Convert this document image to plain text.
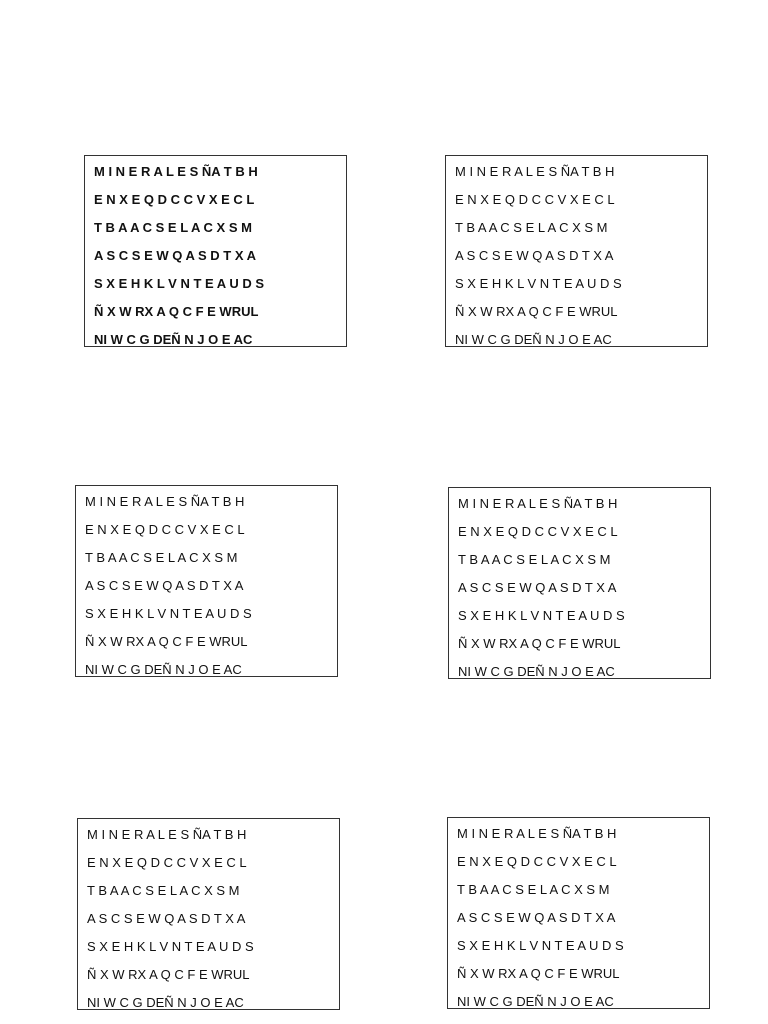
M I N E R A L E S ÑA T B H
E N X E Q D C C V X E C L
T B A A C S E L A C X S M
A S C S E W Q A S D T X A
S X E H K L V N T E A U D S
Ñ X W RX A Q C F E WRUL
NI W C G DEÑ N J O E AC
M I N E R A L E S ÑA T B H
E N X E Q D C C V X E C L
T B A A C S E L A C X S M
A S C S E W Q A S D T X A
S X E H K L V N T E A U D S
Ñ X W RX A Q C F E WRUL
NI W C G DEÑ N J O E AC
M I N E R A L E S ÑA T B H
E N X E Q D C C V X E C L
T B A A C S E L A C X S M
A S C S E W Q A S D T X A
S X E H K L V N T E A U D S
Ñ X W RX A Q C F E WRUL
NI W C G DEÑ N J O E AC
M I N E R A L E S ÑA T B H
E N X E Q D C C V X E C L
T B A A C S E L A C X S M
A S C S E W Q A S D T X A
S X E H K L V N T E A U D S
Ñ X W RX A Q C F E WRUL
NI W C G DEÑ N J O E AC
M I N E R A L E S ÑA T B H
E N X E Q D C C V X E C L
T B A A C S E L A C X S M
A S C S E W Q A S D T X A
S X E H K L V N T E A U D S
Ñ X W RX A Q C F E WRUL
NI W C G DEÑ N J O E AC
M I N E R A L E S ÑA T B H
E N X E Q D C C V X E C L
T B A A C S E L A C X S M
A S C S E W Q A S D T X A
S X E H K L V N T E A U D S
Ñ X W RX A Q C F E WRUL
NI W C G DEÑ N J O E AC
